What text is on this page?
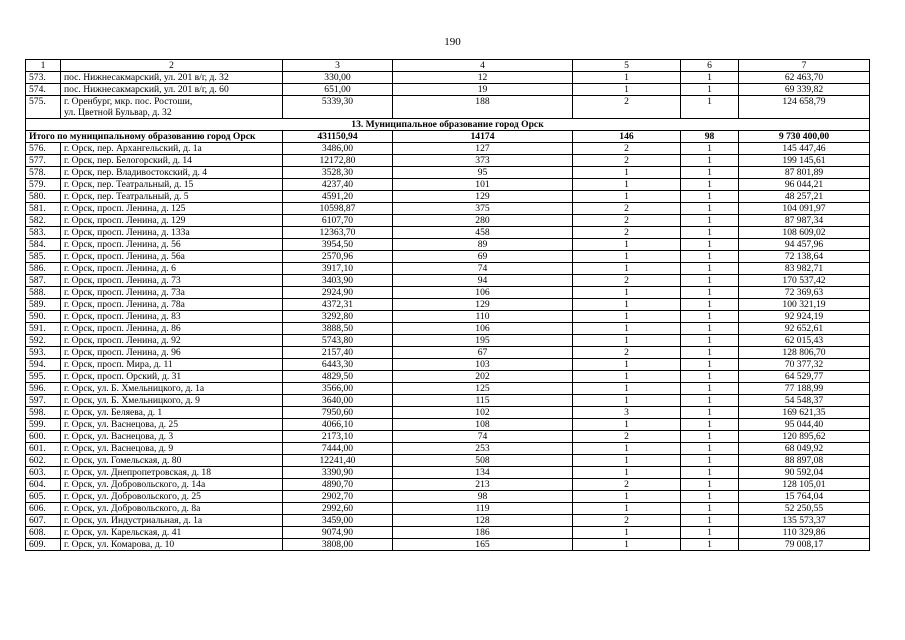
190
1	2	3	4	5	6	7
573.	пос. Нижнесакмарский, ул. 201 в/г, д. 32	330,00	12	1	1	62 463,70
574.	пос. Нижнесакмарский, ул. 201 в/г, д. 60	651,00	19	1	1	69 339,82
575.	г. Оренбург, мкр. пос. Ростоши,
ул. Цветной Бульвар, д. 32	5339,30	188	2	1	124 658,79
13. Муниципальное образование город Орск						
Итого по муниципальному образованию город Орск		431150,94	14174	146	98	9 730 400,00
576.	г. Орск, пер. Архангельский, д. 1а	3486,00	127	2	1	145 447,46
577.	г. Орск, пер. Белогорский, д. 14	12172,80	373	2	1	199 145,61
578.	г. Орск, пер. Владивостокский, д. 4	3528,30	95	1	1	87 801,89
579.	г. Орск, пер. Театральный, д. 15	4237,40	101	1	1	96 044,21
580.	г. Орск, пер. Театральный, д. 5	4591,20	129	1	1	48 257,21
581.	г. Орск, просп. Ленина, д. 125	10598,87	375	2	1	104 091,97
582.	г. Орск, просп. Ленина, д. 129	6107,70	280	2	1	87 987,34
583.	г. Орск, просп. Ленина, д. 133а	12363,70	458	2	1	108 609,02
584.	г. Орск, просп. Ленина, д. 56	3954,50	89	1	1	94 457,96
585.	г. Орск, просп. Ленина, д. 56а	2570,96	69	1	1	72 138,64
586.	г. Орск, просп. Ленина, д. 6	3917,10	74	1	1	83 982,71
587.	г. Орск, просп. Ленина, д. 73	3403,90	94	2	1	170 537,42
588.	г. Орск, просп. Ленина, д. 73а	2924,90	106	1	1	72 369,63
589.	г. Орск, просп. Ленина, д. 78а	4372,31	129	1	1	100 321,19
590.	г. Орск, просп. Ленина, д. 83	3292,80	110	1	1	92 924,19
591.	г. Орск, просп. Ленина, д. 86	3888,50	106	1	1	92 652,61
592.	г. Орск, просп. Ленина, д. 92	5743,80	195	1	1	62 015,43
593.	г. Орск, просп. Ленина, д. 96	2157,40	67	2	1	128 806,70
594.	г. Орск, просп. Мира, д. 11	6443,30	103	1	1	70 377,32
595.	г. Орск, просп. Орский, д. 31	4829,50	202	1	1	64 529,77
596.	г. Орск, ул. Б. Хмельницкого, д. 1а	3566,00	125	1	1	77 188,99
597.	г. Орск, ул. Б. Хмельницкого, д. 9	3640,00	115	1	1	54 548,37
598.	г. Орск, ул. Беляева, д. 1	7950,60	102	3	1	169 621,35
599.	г. Орск, ул. Васнецова, д. 25	4066,10	108	1	1	95 044,40
600.	г. Орск, ул. Васнецова, д. 3	2173,10	74	2	1	120 895,62
601.	г. Орск, ул. Васнецова, д. 9	7444,00	253	1	1	68 049,92
602.	г. Орск, ул. Гомельская, д. 80	12241,40	508	1	1	88 897,08
603.	г. Орск, ул. Днепропетровская, д. 18	3390,90	134	1	1	90 592,04
604.	г. Орск, ул. Добровольского, д. 14а	4890,70	213	2	1	128 105,01
605.	г. Орск, ул. Добровольского, д. 25	2902,70	98	1	1	15 764,04
606.	г. Орск, ул. Добровольского, д. 8а	2992,60	119	1	1	52 250,55
607.	г. Орск, ул. Индустриальная, д. 1а	3459,00	128	2	1	135 573,37
608.	г. Орск, ул. Карельская, д. 41	9074,90	186	1	1	110 329,86
609.	г. Орск, ул. Комарова, д. 10	3808,00	165	1	1	79 008,17
